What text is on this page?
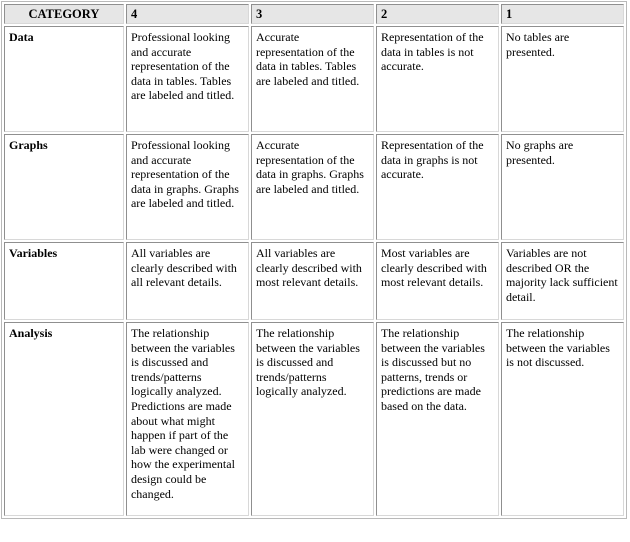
CATEGORY	4	3	2	1
Data	Professional looking and accurate representation of the data in tables. Tables are labeled and titled.	Accurate representation of the data in tables. Tables are labeled and titled.	Representation of the data in tables is not accurate.	No tables are presented.

Graphs	Professional looking and accurate representation of the data in graphs. Graphs are labeled and titled.	Accurate representation of the data in graphs. Graphs are labeled and titled.	Representation of the data in graphs is not accurate.	No graphs are presented.

Variables	All variables are clearly described with all relevant details.	All variables are clearly described with most relevant details.	Most variables are clearly described with most relevant details.	Variables are not described OR the majority lack sufficient detail.

Analysis	The relationship between the variables is discussed and trends/patterns logically analyzed. Predictions are made about what might happen if part of the lab were changed or how the experimental design could be changed.	The relationship between the variables is discussed and trends/patterns logically analyzed.	The relationship between the variables is discussed but no patterns, trends or predictions are made based on the data.	The relationship between the variables is not discussed.
